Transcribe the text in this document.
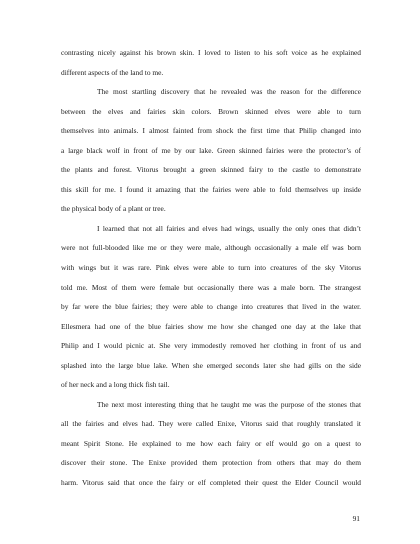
contrasting nicely against his brown skin. I loved to listen to his soft voice as he explained
different aspects of the land to me.
The most startling discovery that he revealed was the reason for the difference
between the elves and fairies skin colors. Brown skinned elves were able to turn
themselves into animals. I almost fainted from shock the first time that Philip changed into
a large black wolf in front of me by our lake. Green skinned fairies were the protector’s of
the plants and forest. Vitorus brought a green skinned fairy to the castle to demonstrate
this skill for me. I found it amazing that the fairies were able to fold themselves up inside
the physical body of a plant or tree.
I learned that not all fairies and elves had wings, usually the only ones that didn’t
were not full-blooded like me or they were male, although occasionally a male elf was born
with wings but it was rare. Pink elves were able to turn into creatures of the sky Vitorus
told me. Most of them were female but occasionally there was a male born. The strangest
by far were the blue fairies; they were able to change into creatures that lived in the water.
Ellesmera had one of the blue fairies show me how she changed one day at the lake that
Philip and I would picnic at. She very immodestly removed her clothing in front of us and
splashed into the large blue lake. When she emerged seconds later she had gills on the side
of her neck and a long thick fish tail.
The next most interesting thing that he taught me was the purpose of the stones that
all the fairies and elves had. They were called Enixe, Vitorus said that roughly translated it
meant Spirit Stone. He explained to me how each fairy or elf would go on a quest to
discover their stone. The Enixe provided them protection from others that may do them
harm. Vitorus said that once the fairy or elf completed their quest the Elder Council would
91
